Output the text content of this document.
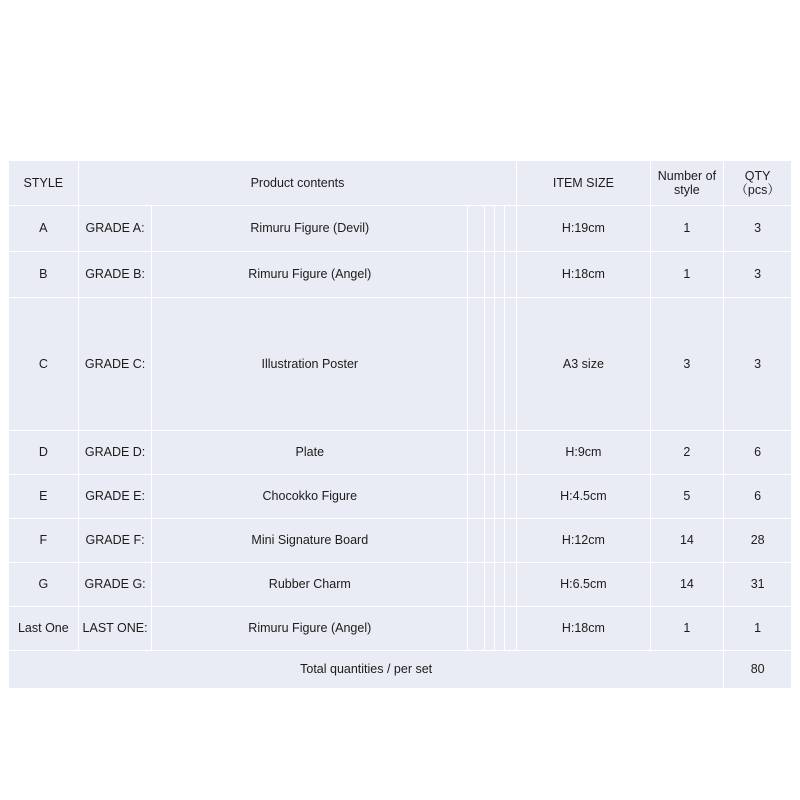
STYLE	Product contents						ITEM SIZE	Number of style	QTY（pcs）
A	GRADE A:	Rimuru Figure (Devil)					H:19cm	1	3
B	GRADE B:	Rimuru Figure (Angel)					H:18cm	1	3
C	GRADE C:	Illustration Poster					A3 size	3	3
D	GRADE D:	Plate					H:9cm	2	6
E	GRADE E:	Chocokko Figure					H:4.5cm	5	6
F	GRADE F:	Mini Signature Board					H:12cm	14	28
G	GRADE G:	Rubber Charm					H:6.5cm	14	31
Last One	LAST ONE:	Rimuru Figure (Angel)					H:18cm	1	1
Total quantities / per set									80
